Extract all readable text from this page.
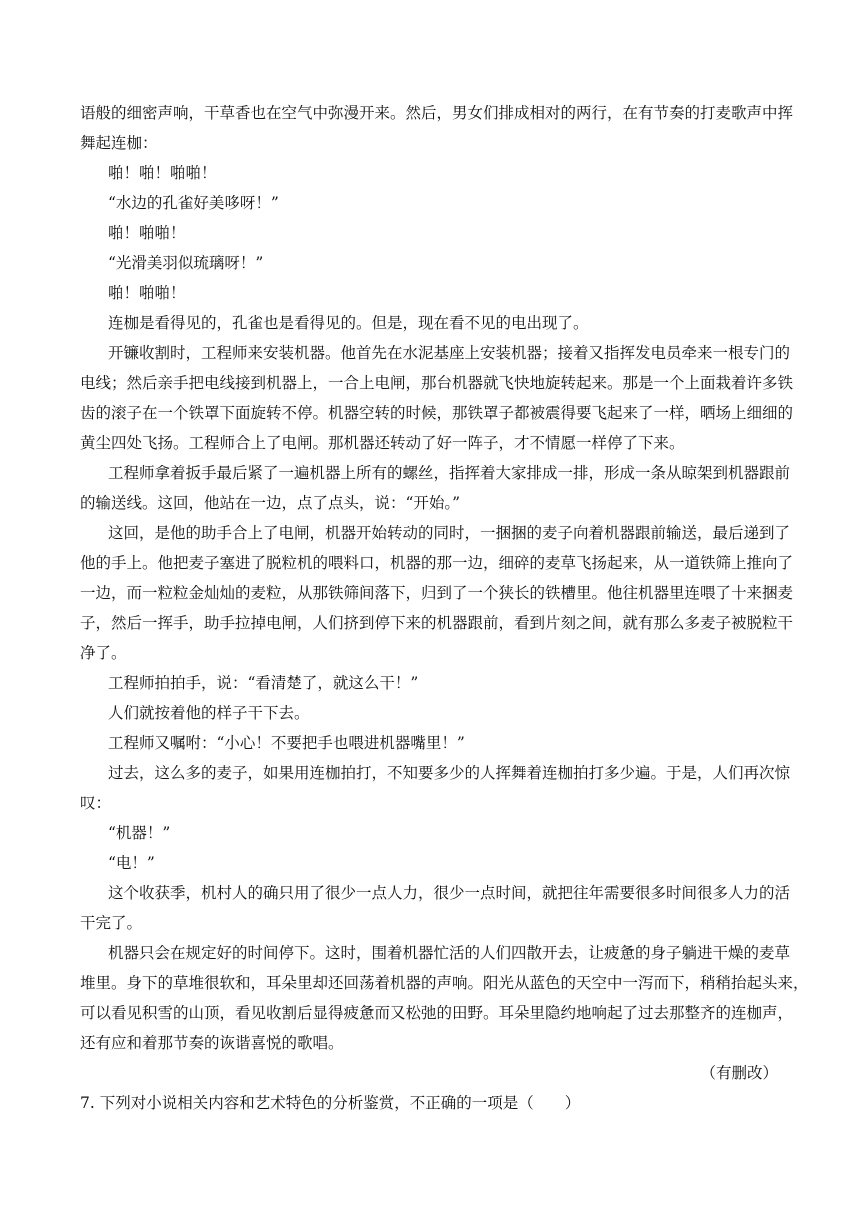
语般的细密声响，干草香也在空气中弥漫开来。然后，男女们排成相对的两行，在有节奏的打麦歌声中挥
舞起连枷：
啪！啪！啪啪！
“水边的孔雀好美哆呀！”
啪！啪啪！
“光滑美羽似琉璃呀！”
啪！啪啪！
连枷是看得见的，孔雀也是看得见的。但是，现在看不见的电出现了。
开镰收割时，工程师来安装机器。他首先在水泥基座上安装机器；接着又指挥发电员牵来一根专门的
电线；然后亲手把电线接到机器上，一合上电闸，那台机器就飞快地旋转起来。那是一个上面栽着许多铁
齿的滚子在一个铁罩下面旋转不停。机器空转的时候，那铁罩子都被震得要飞起来了一样，晒场上细细的
黄尘四处飞扬。工程师合上了电闸。那机器还转动了好一阵子，才不情愿一样停了下来。
工程师拿着扳手最后紧了一遍机器上所有的螺丝，指挥着大家排成一排，形成一条从晾架到机器跟前
的输送线。这回，他站在一边，点了点头，说：“开始。”
这回，是他的助手合上了电闸，机器开始转动的同时，一捆捆的麦子向着机器跟前输送，最后递到了
他的手上。他把麦子塞进了脱粒机的喂料口，机器的那一边，细碎的麦草飞扬起来，从一道铁筛上推向了
一边，而一粒粒金灿灿的麦粒，从那铁筛间落下，归到了一个狭长的铁槽里。他往机器里连喂了十来捆麦
子，然后一挥手，助手拉掉电闸，人们挤到停下来的机器跟前，看到片刻之间，就有那么多麦子被脱粒干
净了。
工程师拍拍手，说：“看清楚了，就这么干！”
人们就按着他的样子干下去。
工程师又嘱咐：“小心！不要把手也喂进机器嘴里！”
过去，这么多的麦子，如果用连枷拍打，不知要多少的人挥舞着连枷拍打多少遍。于是，人们再次惊
叹：
“机器！”
“电！”
这个收获季，机村人的确只用了很少一点人力，很少一点时间，就把往年需要很多时间很多人力的活
干完了。
机器只会在规定好的时间停下。这时，围着机器忙活的人们四散开去，让疲惫的身子躺进干燥的麦草
堆里。身下的草堆很软和，耳朵里却还回荡着机器的声响。阳光从蓝色的天空中一泻而下，稍稍抬起头来，
可以看见积雪的山顶，看见收割后显得疲惫而又松弛的田野。耳朵里隐约地响起了过去那整齐的连枷声，
还有应和着那节奏的诙谐喜悦的歌唱。
（有删改）
7. 下列对小说相关内容和艺术特色的分析鉴赏，不正确的一项是（　　）
